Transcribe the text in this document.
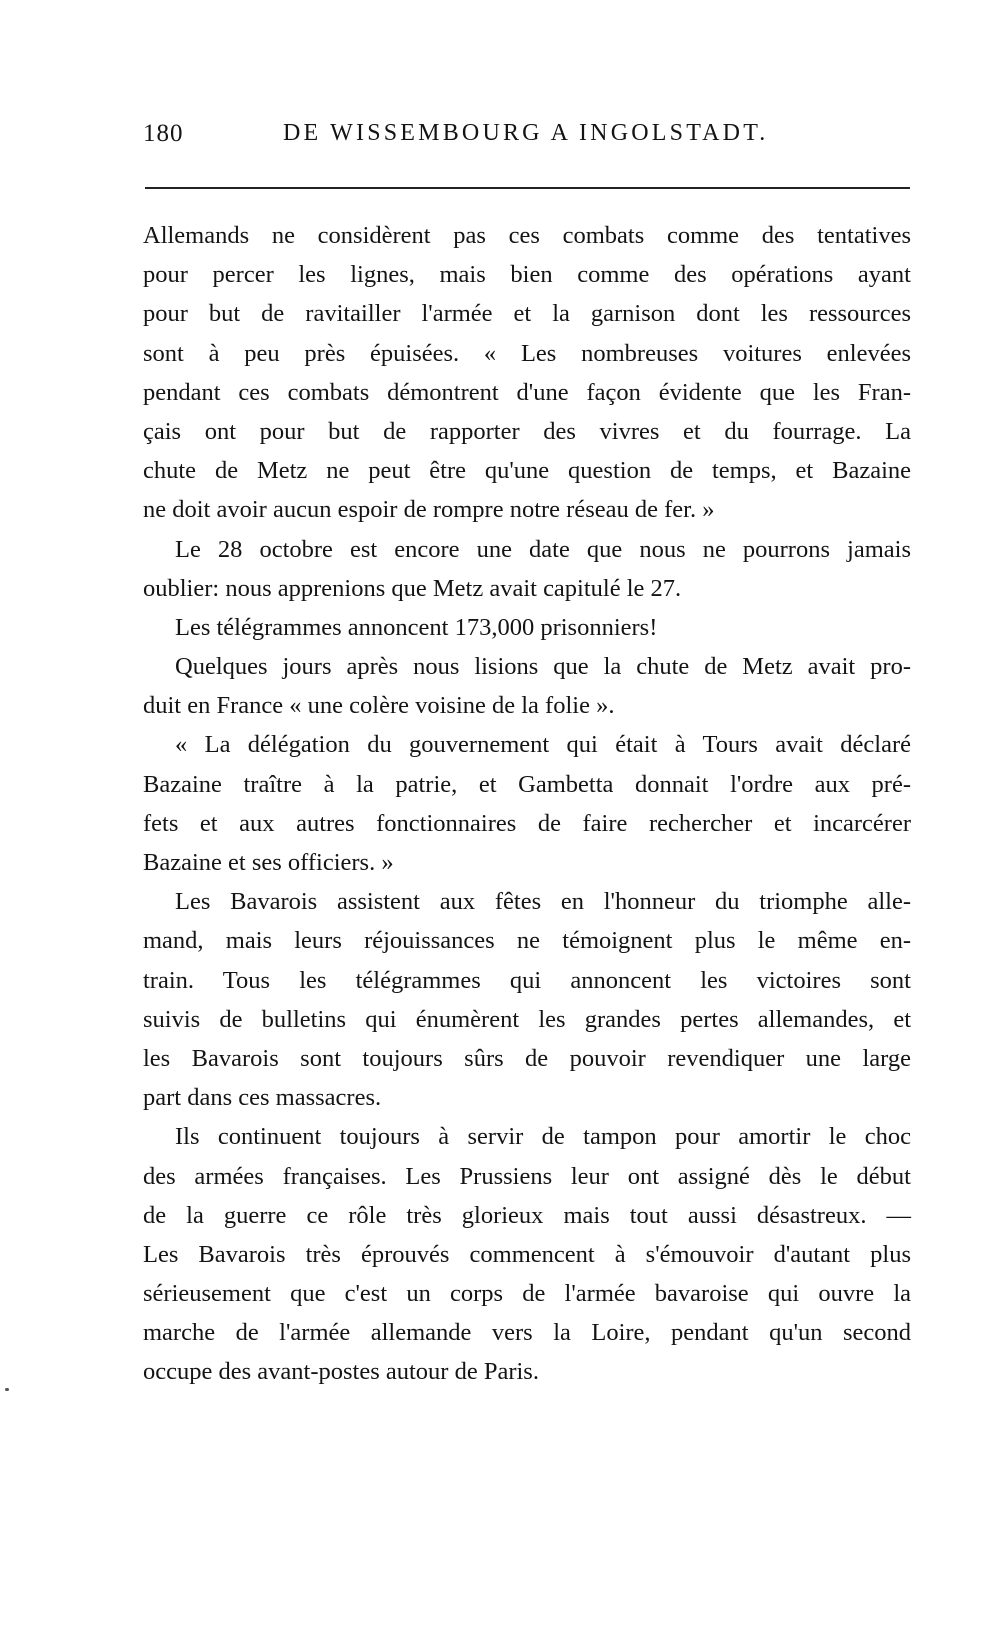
180	DE WISSEMBOURG A INGOLSTADT.
Allemands ne considèrent pas ces combats comme des tentatives
pour percer les lignes, mais bien comme des opérations ayant
pour but de ravitailler l'armée et la garnison dont les ressources
sont à peu près épuisées. « Les nombreuses voitures enlevées
pendant ces combats démontrent d'une façon évidente que les Fran-
çais ont pour but de rapporter des vivres et du fourrage. La
chute de Metz ne peut être qu'une question de temps, et Bazaine
ne doit avoir aucun espoir de rompre notre réseau de fer. »
Le 28 octobre est encore une date que nous ne pourrons jamais
oublier: nous apprenions que Metz avait capitulé le 27.
Les télégrammes annoncent 173,000 prisonniers!
Quelques jours après nous lisions que la chute de Metz avait pro-
duit en France « une colère voisine de la folie ».
« La délégation du gouvernement qui était à Tours avait déclaré
Bazaine traître à la patrie, et Gambetta donnait l'ordre aux pré-
fets et aux autres fonctionnaires de faire rechercher et incarcérer
Bazaine et ses officiers. »
Les Bavarois assistent aux fêtes en l'honneur du triomphe alle-
mand, mais leurs réjouissances ne témoignent plus le même en-
train. Tous les télégrammes qui annoncent les victoires sont
suivis de bulletins qui énumèrent les grandes pertes allemandes, et
les Bavarois sont toujours sûrs de pouvoir revendiquer une large
part dans ces massacres.
Ils continuent toujours à servir de tampon pour amortir le choc
des armées françaises. Les Prussiens leur ont assigné dès le début
de la guerre ce rôle très glorieux mais tout aussi désastreux. —
Les Bavarois très éprouvés commencent à s'émouvoir d'autant plus
sérieusement que c'est un corps de l'armée bavaroise qui ouvre la
marche de l'armée allemande vers la Loire, pendant qu'un second
occupe des avant-postes autour de Paris.
